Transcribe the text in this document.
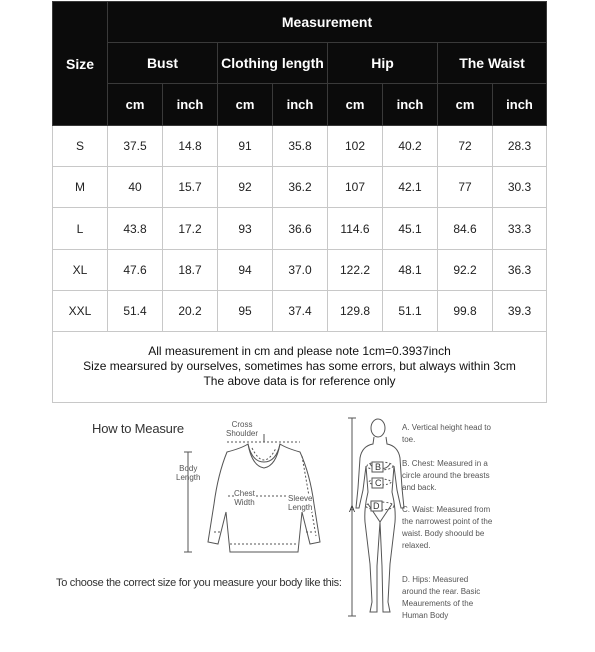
Size	Measurement							
	Bust		Clothing length		Hip		The Waist	
	cm	inch	cm	inch	cm	inch	cm	inch
S	37.5	14.8	91	35.8	102	40.2	72	28.3
M	40	15.7	92	36.2	107	42.1	77	30.3
L	43.8	17.2	93	36.6	114.6	45.1	84.6	33.3
XL	47.6	18.7	94	37.0	122.2	48.1	92.2	36.3
XXL	51.4	20.2	95	37.4	129.8	51.1	99.8	39.3

All measurement in cm and please note 1cm=0.3937inch
Size mearsured by ourselves, sometimes has some errors, but always within 3cm
The above data is for reference only								
How to Measure	Cross
Shoulder
Body
Length
Chest
Width	Sleeve
Length
To choose the correct size for you measure your body like this:
A
B
C
D
A. Vertical height head to toe.
B. Chest: Measured in a circle around the breasts and back.
C. Waist: Measured from the narrowest point of the waist. Body shoould be relaxed.
D. Hips: Measured around the rear. Basic Meaurements of the Human Body
